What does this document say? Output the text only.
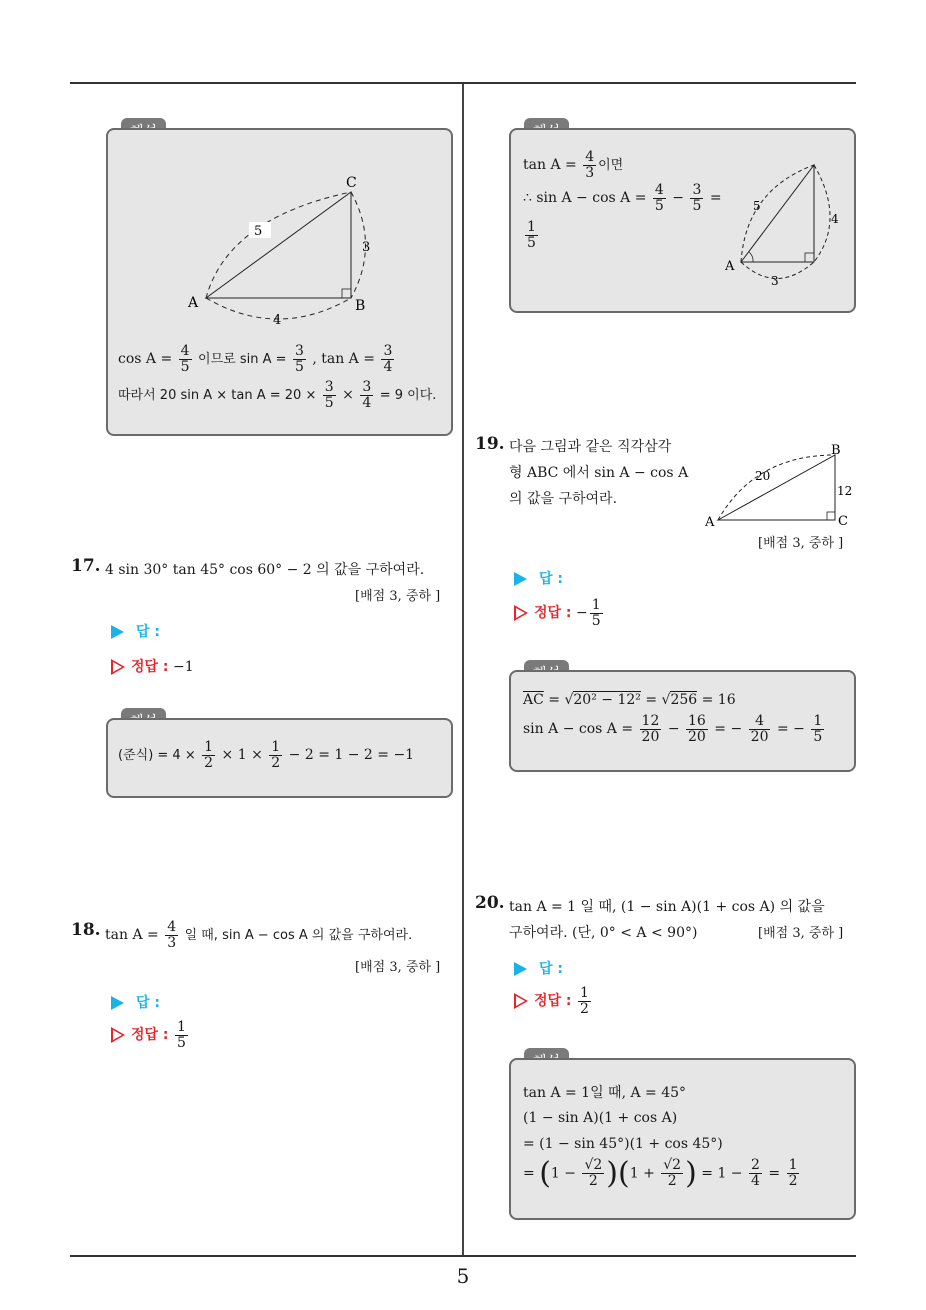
5
5
C
A	B
3
4
$\cos A = \frac{4}{5}$ 이므로 $\sin A = \frac{3}{5}$ , $\tan A = \frac{3}{4}$
따라서 20 $\sin A \times \tan A = 20 \times \frac{3}{5} \times \frac{3}{4} = 9$ 이다.
17. 4 sin 30° tan 45° cos 60° − 2 의 값을 구하여라.
[배점 3, 중하 ]
답 :
정답 : −1
(준식) = $4 \times \frac{1}{2} \times 1 \times \frac{1}{2} - 2 = 1 - 2 = -1$
18. $\tan A = \frac{4}{3}$ 일 때, sin A − cos A 의 값을 구하여라.
[배점 3, 중하 ]
답 :
정답 : $\frac{1}{5}$
$\tan A = \frac{4}{3}$ 이면
∴ $\sin A - \cos A = \frac{4}{5} - \frac{3}{5}$ =
$\frac{1}{5}$
A
5
4
3
19. 다음 그림과 같은 직각삼각
형 ABC 에서 sin A − cos A
의 값을 구하여라.
A
B
C
20
12
[배점 3, 중하 ]
답 :
정답 : − $\frac{1}{5}$
$\overline{AC} = √20^2 - 12^2 = √256 = 16$
$\sin A - \cos A = \frac{12}{20} - \frac{16}{20}$ = − $\frac{4}{20}$ = − $\frac{1}{5}$
20. tan A = 1 일 때, (1 − sin A)(1 + cos A) 의 값을
구하여라. (단, 0° < A < 90°)	[배점 3, 중하 ]
답 :
정답 : $\frac{1}{2}$
tan A = 1일 때, A = 45°
(1 − sin A)(1 + cos A)
= (1 − sin 45°)(1 + cos 45°)
= $(1 - \frac{√2}{2} )(1 + \frac{√2}{2}$ ) = $1 - \frac{2}{4} = \frac{1}{2}$
